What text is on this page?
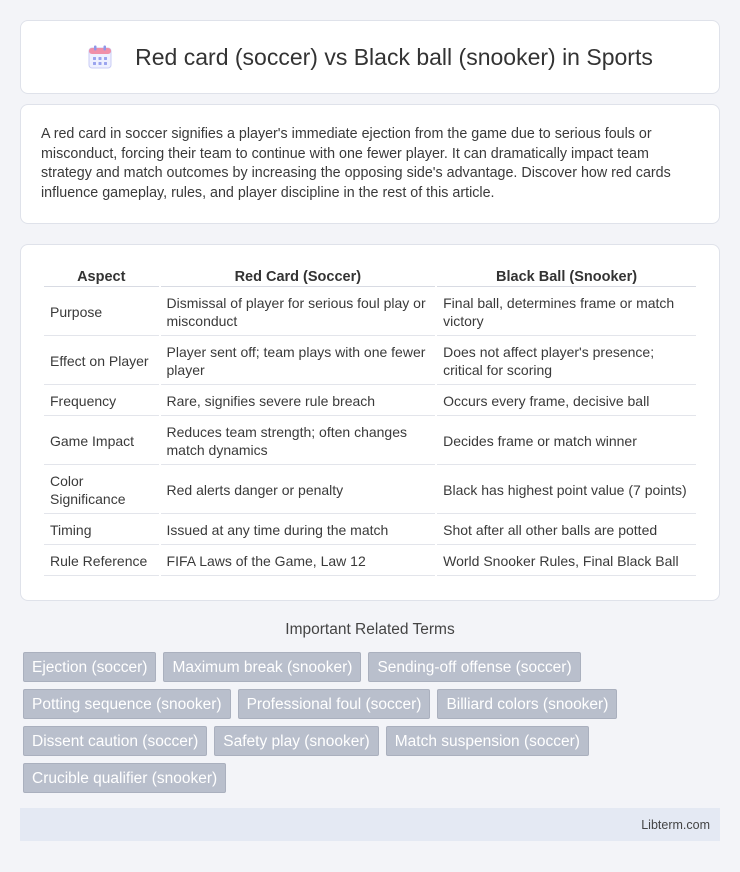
Red card (soccer) vs Black ball (snooker) in Sports

A red card in soccer signifies a player's immediate ejection from the game due to serious fouls or misconduct, forcing their team to continue with one fewer player. It can dramatically impact team strategy and match outcomes by increasing the opposing side's advantage. Discover how red cards influence gameplay, rules, and player discipline in the rest of this article.

Aspect	Red Card (Soccer)	Black Ball (Snooker)
Purpose	Dismissal of player for serious foul play or misconduct	Final ball, determines frame or match victory
Effect on Player	Player sent off; team plays with one fewer player	Does not affect player's presence; critical for scoring
Frequency	Rare, signifies severe rule breach	Occurs every frame, decisive ball
Game Impact	Reduces team strength; often changes match dynamics	Decides frame or match winner
Color Significance	Red alerts danger or penalty	Black has highest point value (7 points)
Timing	Issued at any time during the match	Shot after all other balls are potted
Rule Reference	FIFA Laws of the Game, Law 12	World Snooker Rules, Final Black Ball
Important Related Terms
Ejection (soccer)	Maximum break (snooker)	Sending-off offense (soccer)
Potting sequence (snooker)	Professional foul (soccer)	Billiard colors (snooker)
Dissent caution (soccer)	Safety play (snooker)	Match suspension (soccer)
Crucible qualifier (snooker)
Libterm.com
